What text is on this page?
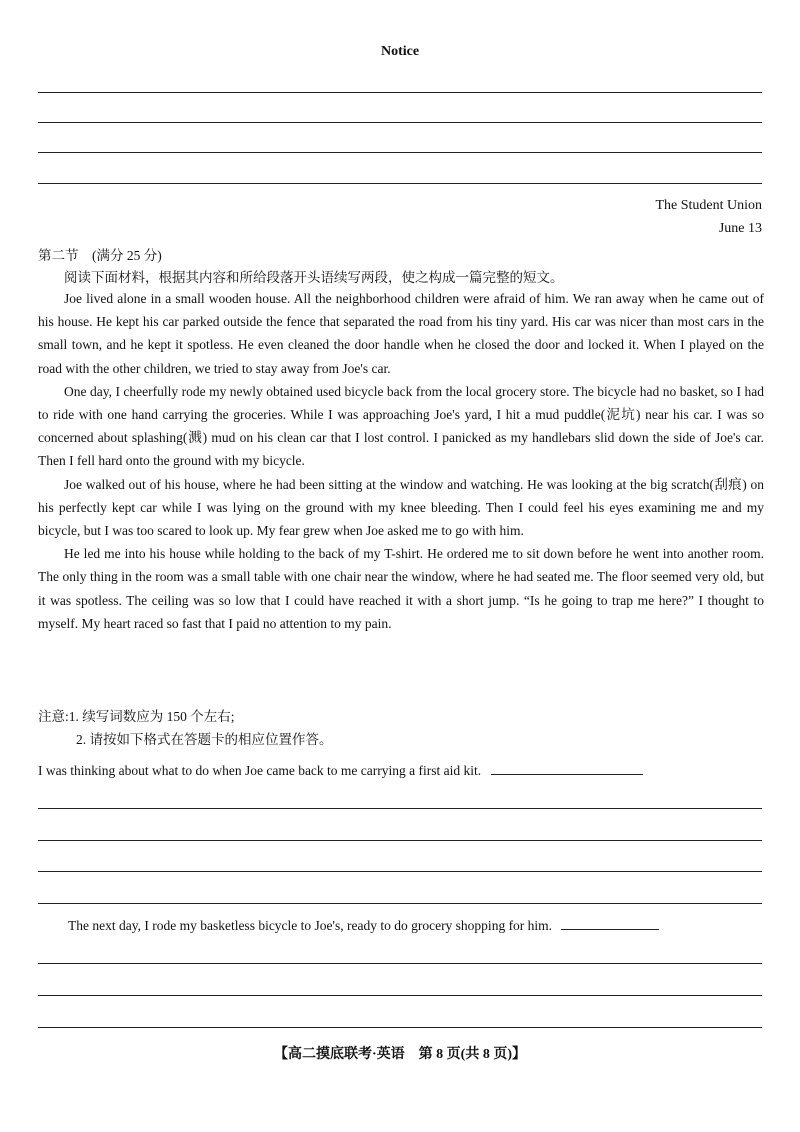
Notice
The Student Union
June 13
第二节　(满分 25 分)
阅读下面材料，根据其内容和所给段落开头语续写两段，使之构成一篇完整的短文。

Joe lived alone in a small wooden house. All the neighborhood children were afraid of him. We ran away when he came out of his house. He kept his car parked outside the fence that separated the road from his tiny yard. His car was nicer than most cars in the small town, and he kept it spotless. He even cleaned the door handle when he closed the door and locked it. When I played on the road with the other children, we tried to stay away from Joe's car.

One day, I cheerfully rode my newly obtained used bicycle back from the local grocery store. The bicycle had no basket, so I had to ride with one hand carrying the groceries. While I was approaching Joe's yard, I hit a mud puddle(泥坑) near his car. I was so concerned about splashing(溅) mud on his clean car that I lost control. I panicked as my handlebars slid down the side of Joe's car. Then I fell hard onto the ground with my bicycle.

Joe walked out of his house, where he had been sitting at the window and watching. He was looking at the big scratch(刮痕) on his perfectly kept car while I was lying on the ground with my knee bleeding. Then I could feel his eyes examining me and my bicycle, but I was too scared to look up. My fear grew when Joe asked me to go with him.

He led me into his house while holding to the back of my T-shirt. He ordered me to sit down before he went into another room. The only thing in the room was a small table with one chair near the window, where he had seated me. The floor seemed very old, but it was spotless. The ceiling was so low that I could have reached it with a short jump. “Is he going to trap me here?” I thought to myself. My heart raced so fast that I paid no attention to my pain.

注意:1. 续写词数应为 150 个左右;
2. 请按如下格式在答题卡的相应位置作答。
I was thinking about what to do when Joe came back to me carrying a first aid kit.
The next day, I rode my basketless bicycle to Joe's, ready to do grocery shopping for him.
【高二摸底联考·英语　第 8 页(共 8 页)】
